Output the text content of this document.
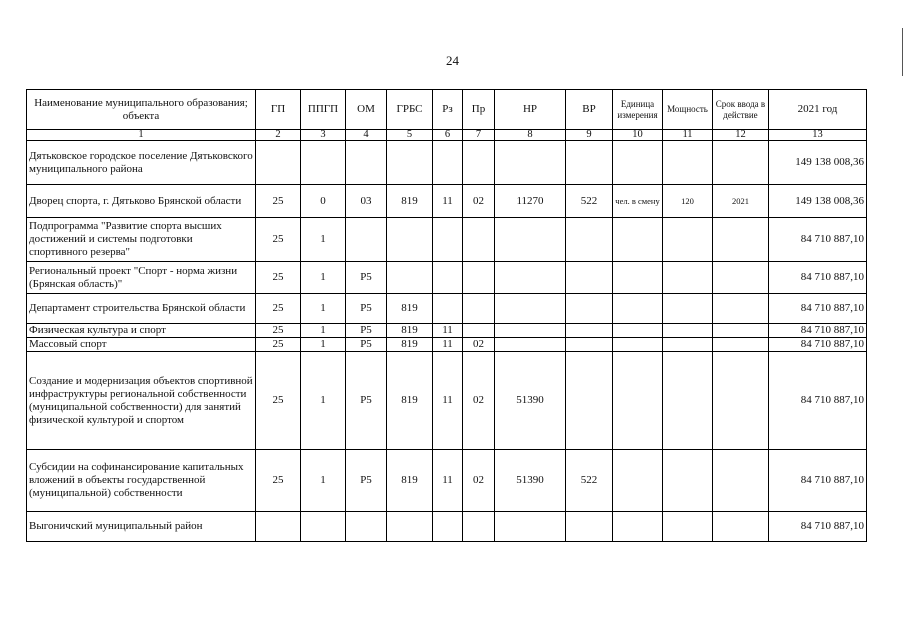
24
Наименование муниципального образования; объекта	ГП	ППГП	ОМ	ГРБС	Рз	Пр	НР	ВР	Единица измерения	Мощность	Срок ввода в действие	2021 год
1	2	3	4	5	6	7	8	9	10	11	12	13
Дятьковское городское поселение Дятьковского муниципального района												149 138 008,36
Дворец спорта, г. Дятьково Брянской области	25	0	03	819	11	02	11270	522	чел. в смену	120	2021	149 138 008,36
Подпрограмма "Развитие спорта высших достижений и системы подготовки спортивного резерва"	25	1										84 710 887,10
Региональный проект "Спорт - норма жизни (Брянская область)"	25	1	P5									84 710 887,10
Департамент строительства Брянской области	25	1	P5	819								84 710 887,10
Физическая культура и спорт	25	1	P5	819	11							84 710 887,10
Массовый спорт	25	1	P5	819	11	02						84 710 887,10
Создание и модернизация объектов спортивной инфраструктуры региональной собственности (муниципальной собственности) для занятий физической культурой и спортом	25	1	P5	819	11	02	51390					84 710 887,10
Субсидии на софинансирование капитальных вложений в объекты государственной (муниципальной) собственности	25	1	P5	819	11	02	51390	522				84 710 887,10
Выгоничский муниципальный район												84 710 887,10
